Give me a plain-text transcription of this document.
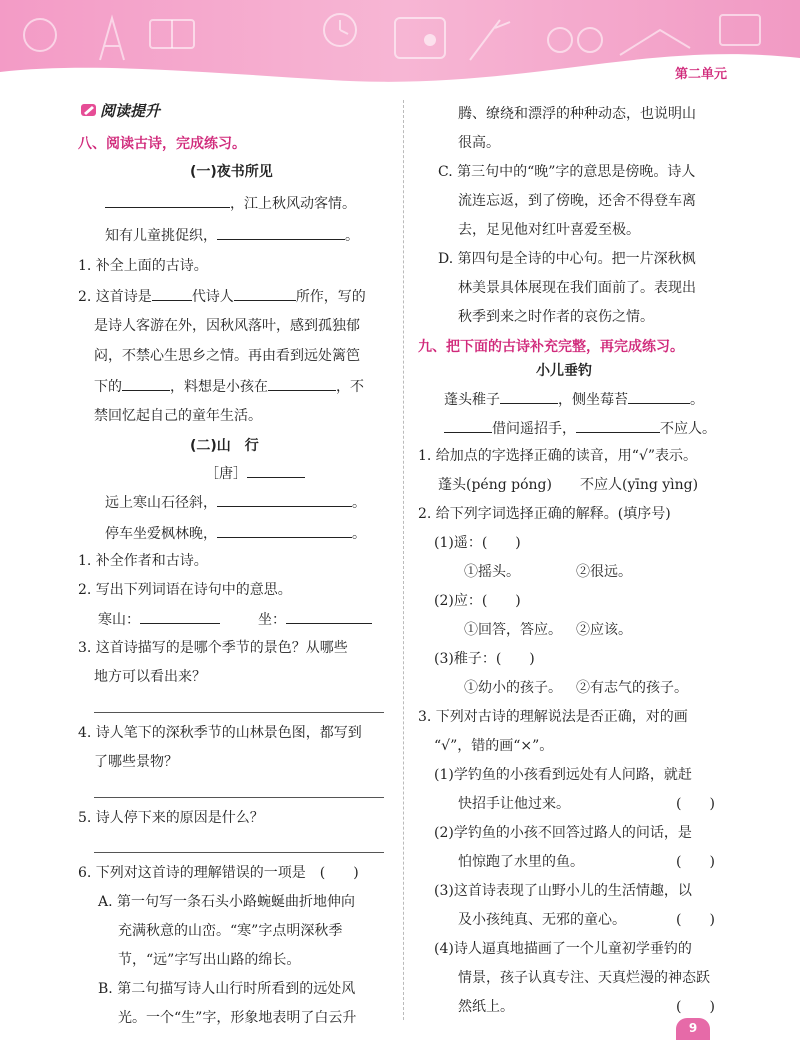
第二单元
阅读提升
八、阅读古诗，完成练习。
(一)夜书所见
，江上秋风动客情。
知有儿童挑促织，	。
1. 补全上面的古诗。
2. 这首诗是	代诗人	所作，写的
是诗人客游在外，因秋风落叶，感到孤独郁
闷，不禁心生思乡之情。再由看到远处篱笆
下的	，料想是小孩在	，不
禁回忆起自己的童年生活。
(二)山　行
［唐］
远上寒山石径斜，	。
停车坐爱枫林晚，	。
1. 补全作者和古诗。
2. 写出下列词语在诗句中的意思。
寒山：	坐：
3. 这首诗描写的是哪个季节的景色？从哪些
地方可以看出来？
4. 诗人笔下的深秋季节的山林景色图，都写到
了哪些景物？
5. 诗人停下来的原因是什么？
6. 下列对这首诗的理解错误的一项是　(　　)
A. 第一句写一条石头小路蜿蜒曲折地伸向
充满秋意的山峦。“寒”字点明深秋季
节，“远”字写出山路的绵长。
B. 第二句描写诗人山行时所看到的远处风
光。一个“生”字，形象地表明了白云升
腾、缭绕和漂浮的种种动态，也说明山
很高。
C. 第三句中的“晚”字的意思是傍晚。诗人
流连忘返，到了傍晚，还舍不得登车离
去，足见他对红叶喜爱至极。
D. 第四句是全诗的中心句。把一片深秋枫
林美景具体展现在我们面前了。表现出
秋季到来之时作者的哀伤之情。
九、把下面的古诗补充完整，再完成练习。
小儿垂钓
蓬头稚子	，侧坐莓苔	。
借问遥招手，	不应人。
1. 给加点的字选择正确的读音，用“√”表示。
蓬头(péng póng) 不应人(yīng yìng)
2. 给下列字词选择正确的解释。(填序号)
(1)遥：(　　)
①摇头。	②很远。
(2)应：(　　)
①回答，答应。 ②应该。
(3)稚子：(　　)
①幼小的孩子。 ②有志气的孩子。
3. 下列对古诗的理解说法是否正确，对的画
“√”，错的画“×”。
(1)学钓鱼的小孩看到远处有人问路，就赶
快招手让他过来。	(　　)
(2)学钓鱼的小孩不回答过路人的问话，是
怕惊跑了水里的鱼。	(　　)
(3)这首诗表现了山野小儿的生活情趣，以
及小孩纯真、无邪的童心。	(　　)
(4)诗人逼真地描画了一个儿童初学垂钓的
情景，孩子认真专注、天真烂漫的神态跃
然纸上。	(　　)
9
